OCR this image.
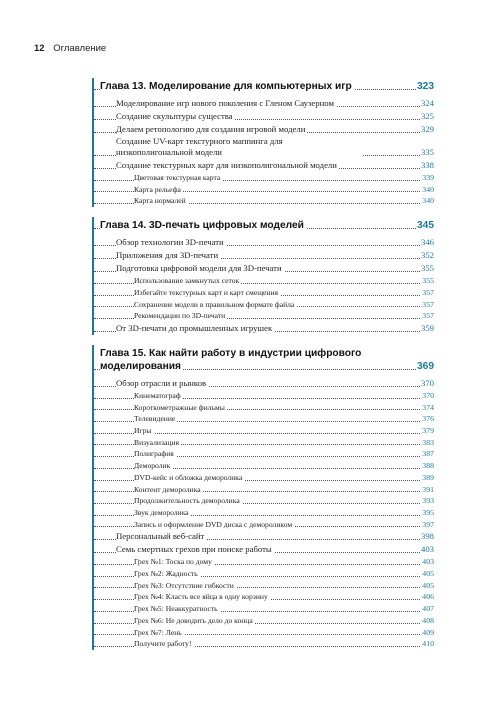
12 Оглавление
Глава 13. Моделирование для компьютерных игр	323
Моделирование игр нового поколения с Гленом Саузерном	324
Создание скульптуры существа	325
Делаем ретопологию для создания игровой модели	329
Создание UV-карт текстурного маппинга для низкополигональной модели	335
Создание текстурных карт для низкополигональной модели	338
Цветовая текстурная карта	339
Карта рельефа	340
Карта нормалей	340
Глава 14. 3D-печать цифровых моделей	345
Обзор технологии 3D-печати	346
Приложения для 3D-печати	352
Подготовка цифровой модели для 3D-печати	355
Использование замкнутых сеток	355
Избегайте текстурных карт и карт смещения	357
Сохранение модели в правильном формате файла	357
Рекомендации по 3D-печати	357
От 3D-печати до промышленных игрушек	359
Глава 15. Как найти работу в индустрии цифрового
моделирования	369
Обзор отрасли и рынков	370
Кинематограф	370
Короткометражные фильмы	374
Телевидение	376
Игры	379
Визуализация	383
Полиграфия	387
Деморолик	388
DVD-кейс и обложка деморолика	389
Контент деморолика	391
Продолжительность деморолика	393
Звук деморолика	395
Запись и оформление DVD диска с демороликом	397
Персональный веб-сайт	398
Семь смертных грехов при поиске работы	403
Грех №1: Тоска по дому	403
Грех №2: Жадность	405
Грех №3: Отсутствие гибкости	405
Грех №4: Класть все яйца в одну корзину	406
Грех №5: Неаккуратность	407
Грех №6: Не доводить дело до конца	408
Грех №7: Лень	409
Получите работу!	410
